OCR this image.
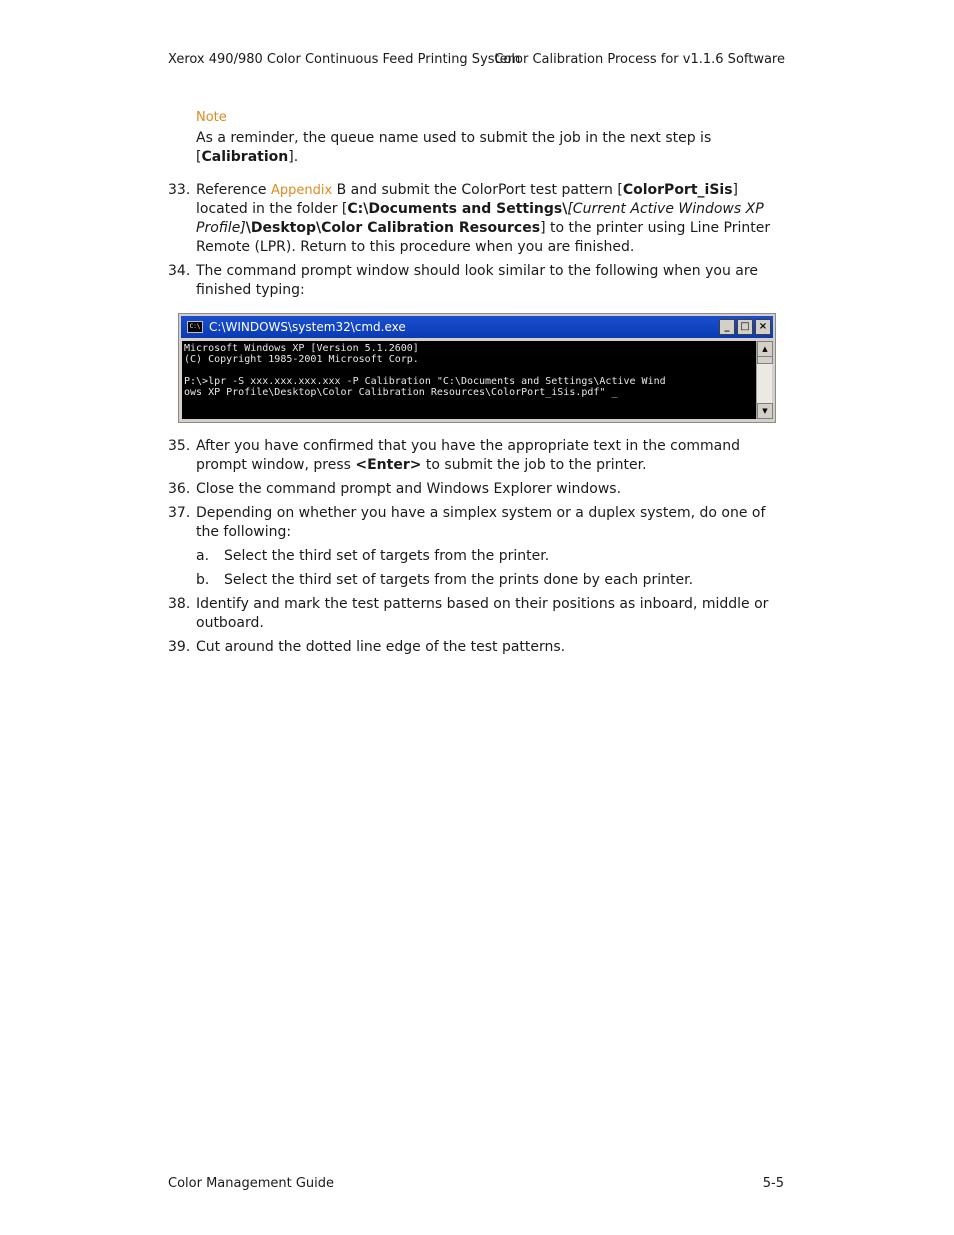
Xerox 490/980 Color Continuous Feed Printing System
Color Calibration Process for v1.1.6 Software
Note
As a reminder, the queue name used to submit the job in the next step is [Calibration].
33. Reference Appendix B and submit the ColorPort test pattern [ColorPort_iSis] located in the folder [C:\Documents and Settings\[Current Active Windows XP Profile]\Desktop\Color Calibration Resources] to the printer using Line Printer Remote (LPR). Return to this procedure when you are finished.
34. The command prompt window should look similar to the following when you are finished typing:
C:\ C:\WINDOWS\system32\cmd.exe	_	□ ×
Microsoft Windows XP [Version 5.1.2600]
(C) Copyright 1985-2001 Microsoft Corp.

P:\>lpr -S xxx.xxx.xxx.xxx -P Calibration "C:\Documents and Settings\Active Wind
ows XP Profile\Desktop\Color Calibration Resources\ColorPort_iSis.pdf" _
▲
▼
35. After you have confirmed that you have the appropriate text in the command prompt window, press <Enter> to submit the job to the printer.
36. Close the command prompt and Windows Explorer windows.
37. Depending on whether you have a simplex system or a duplex system, do one of the following:
a.	Select the third set of targets from the printer.
b.	Select the third set of targets from the prints done by each printer.
38. Identify and mark the test patterns based on their positions as inboard, middle or outboard.
39. Cut around the dotted line edge of the test patterns.
Color Management Guide	5-5
